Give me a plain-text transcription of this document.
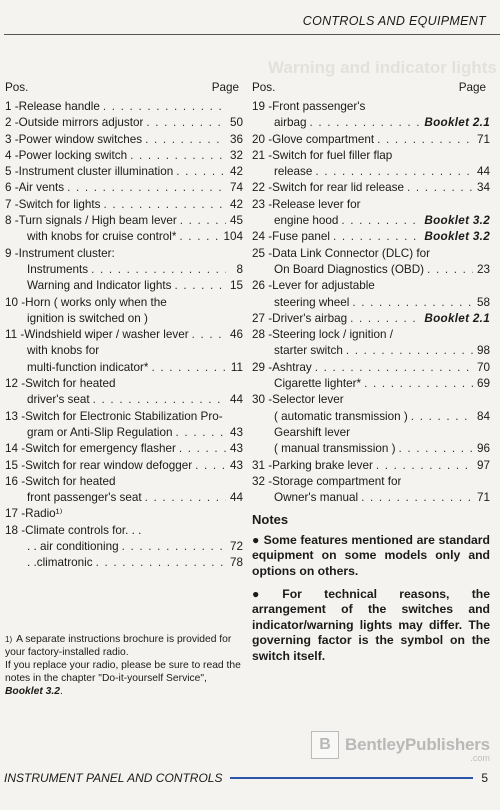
Warning and indicator lights
CONTROLS AND EQUIPMENT
Pos.	Page
1 - Release handle
. . .
2 - Outside mirrors adjustor . . .	50
3 - Power window switches . . .	36
4 - Power locking switch . . .	32
5 - Instrument cluster illumination . . .	42
6 - Air vents . . .	74
7 - Switch for lights . . .	42
8 - Turn signals / High beam lever . . .	45
with knobs for cruise control* . . .	104
9 - Instrument cluster:
Instruments . . .	8
Warning and Indicator lights . . .	15
10 - Horn ( works only when the
ignition is switched on )
11 - Windshield wiper / washer lever . . .	46
with knobs for
multi-function indicator* . . .	11
12 - Switch for heated
driver's seat . . .	44
13 - Switch for Electronic Stabilization Pro-
gram or Anti-Slip Regulation . . .	43
14 - Switch for emergency flasher . . .	43
15 - Switch for rear window defogger . . .	43
16 - Switch for heated
front passenger's seat . . .	44
17 - Radio¹⁾
18 - Climate controls for. . .
. . air conditioning . . .	72
. .climatronic . . .	78
Pos.	Page
19 - Front passenger's
airbag . . .	Booklet 2.1
20 - Glove compartment . . .	71
21 - Switch for fuel filler flap
release . . .	44
22 - Switch for rear lid release . . .	34
23 - Release lever for
engine hood . . .	Booklet 3.2
24 - Fuse panel . . .	Booklet 3.2
25 - Data Link Connector (DLC) for
On Board Diagnostics (OBD) . . .	23
26 - Lever for adjustable
steering wheel . . .	58
27 - Driver's airbag . . .	Booklet 2.1
28 - Steering lock / ignition /
starter switch . . .	98
29 - Ashtray . . .	70
Cigarette lighter* . . .	69
30 - Selector lever
( automatic transmission ) . . .	84
Gearshift lever
( manual transmission ) . . .	96
31 - Parking brake lever . . .	97
32 - Storage compartment for
Owner's manual . . .	71
Notes
● Some features mentioned are standard equipment on some models only and options on others.
● For technical reasons, the arrangement of the switches and indicator/warning lights may differ. The governing factor is the symbol on the switch itself.
$^{1)}$ A separate instructions brochure is provided for your factory-installed radio.
If you replace your radio, please be sure to read the notes in the chapter "Do-it-yourself Service", Booklet 3.2.
B BentleyPublishers
.com
INSTRUMENT PANEL AND CONTROLS	5
